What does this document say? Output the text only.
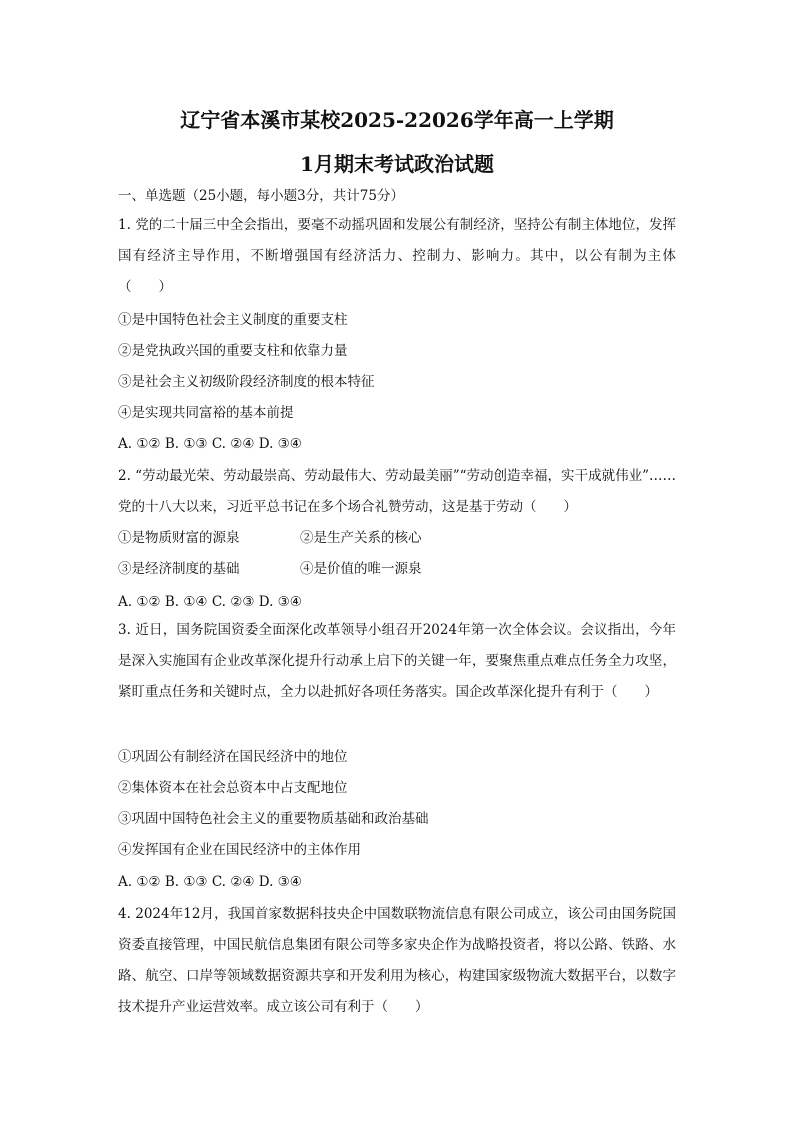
辽宁省本溪市某校2025-22026学年高一上学期
1月期末考试政治试题
一、单选题（25小题，每小题3分，共计75分）
1. 党的二十届三中全会指出，要毫不动摇巩固和发展公有制经济，坚持公有制主体地位，发挥国有经济主导作用，不断增强国有经济活力、控制力、影响力。其中，以公有制为主体（　　）
①是中国特色社会主义制度的重要支柱
②是党执政兴国的重要支柱和依靠力量
③是社会主义初级阶段经济制度的根本特征
④是实现共同富裕的基本前提
A. ①② B. ①③ C. ②④ D. ③④
2. “劳动最光荣、劳动最崇高、劳动最伟大、劳动最美丽”“劳动创造幸福，实干成就伟业”……党的十八大以来，习近平总书记在多个场合礼赞劳动，这是基于劳动（　　）
①是物质财富的源泉	②是生产关系的核心
③是经济制度的基础	④是价值的唯一源泉
A. ①② B. ①④ C. ②③ D. ③④
3. 近日，国务院国资委全面深化改革领导小组召开2024年第一次全体会议。会议指出，今年是深入实施国有企业改革深化提升行动承上启下的关键一年，要聚焦重点难点任务全力攻坚，紧盯重点任务和关键时点，全力以赴抓好各项任务落实。国企改革深化提升有利于（　　）
①巩固公有制经济在国民经济中的地位
②集体资本在社会总资本中占支配地位
③巩固中国特色社会主义的重要物质基础和政治基础
④发挥国有企业在国民经济中的主体作用
A. ①② B. ①③ C. ②④ D. ③④
4. 2024年12月，我国首家数据科技央企中国数联物流信息有限公司成立，该公司由国务院国资委直接管理，中国民航信息集团有限公司等多家央企作为战略投资者，将以公路、铁路、水路、航空、口岸等领域数据资源共享和开发利用为核心，构建国家级物流大数据平台，以数字技术提升产业运营效率。成立该公司有利于（　　）
